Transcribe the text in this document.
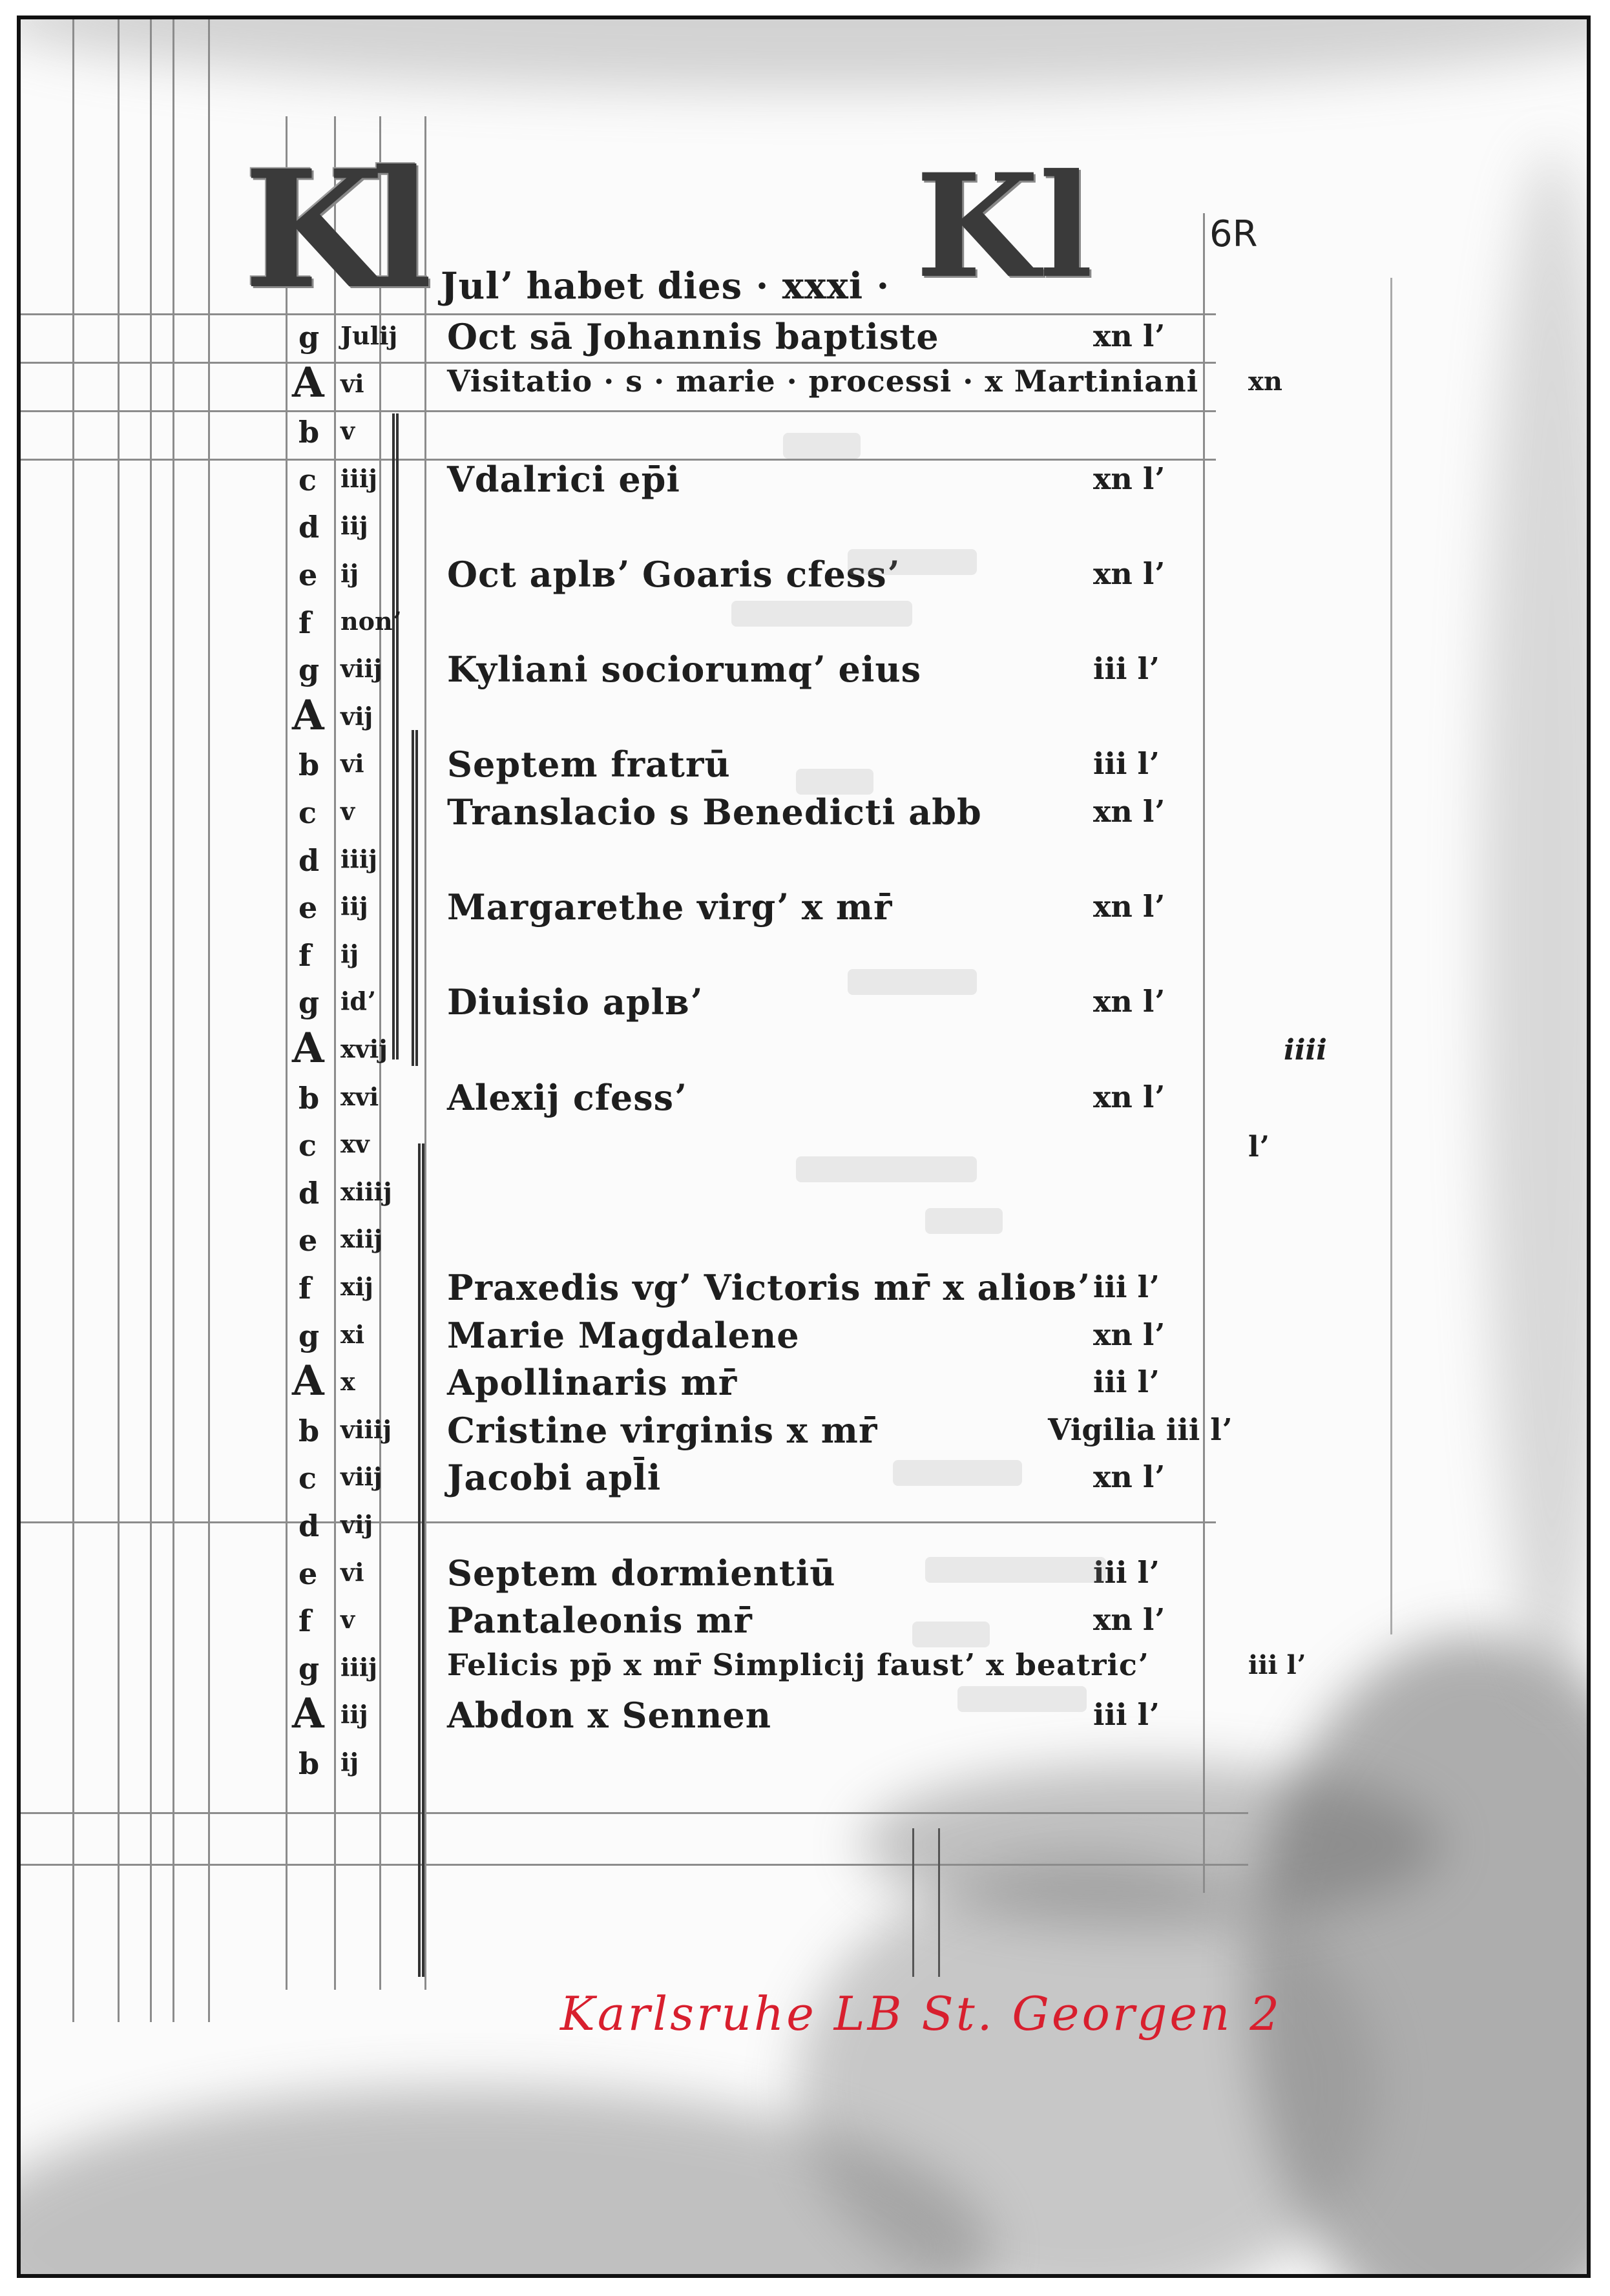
Kl	Kl
Julʼ habet dies · xxxi ·
6R
g Julij Oct sā Johannis baptiste	xn lʼ
A vi	Visitatio · s · marie · processi · x Martiniani xn
b v
c iiij Vdalrici ep̄i	xn lʼ
d iij
e ij	Oct aplвʼ Goaris cfessʼ	xn lʼ
f nonʼ
g viij Kyliani sociorumqʼ eius	iii lʼ
A vij
b vi Septem fratrū	iii lʼ
c v	Translacio s Benedicti abb	xn lʼ
d iiij
e iij Margarethe virgʼ x mr̄	xn lʼ
f ij
g idʼ Diuisio aplвʼ	xn lʼ
A xvij
b xvi Alexij cfessʼ	xn lʼ
c xv
d xiiij
e xiij
f xij Praxedis vgʼ Victoris mr̄ x alioвʼ iii lʼ
g xi Marie Magdalene	xn lʼ
A x	Apollinaris mr̄	iii lʼ
b viiij Cristine virginis x mr̄	Vigilia iii lʼ
c viij Jacobi apl̄i	xn lʼ
d vij
e vi Septem dormientiū	iii lʼ
f v	Pantaleonis mr̄	xn lʼ
g iiij Felicis pp̄ x mr̄ Simplicij faustʼ x beatricʼ	iii lʼ
A iij Abdon x Sennen	iii lʼ
b ij
iiii
lʼ
Karlsruhe LB St. Georgen 2
